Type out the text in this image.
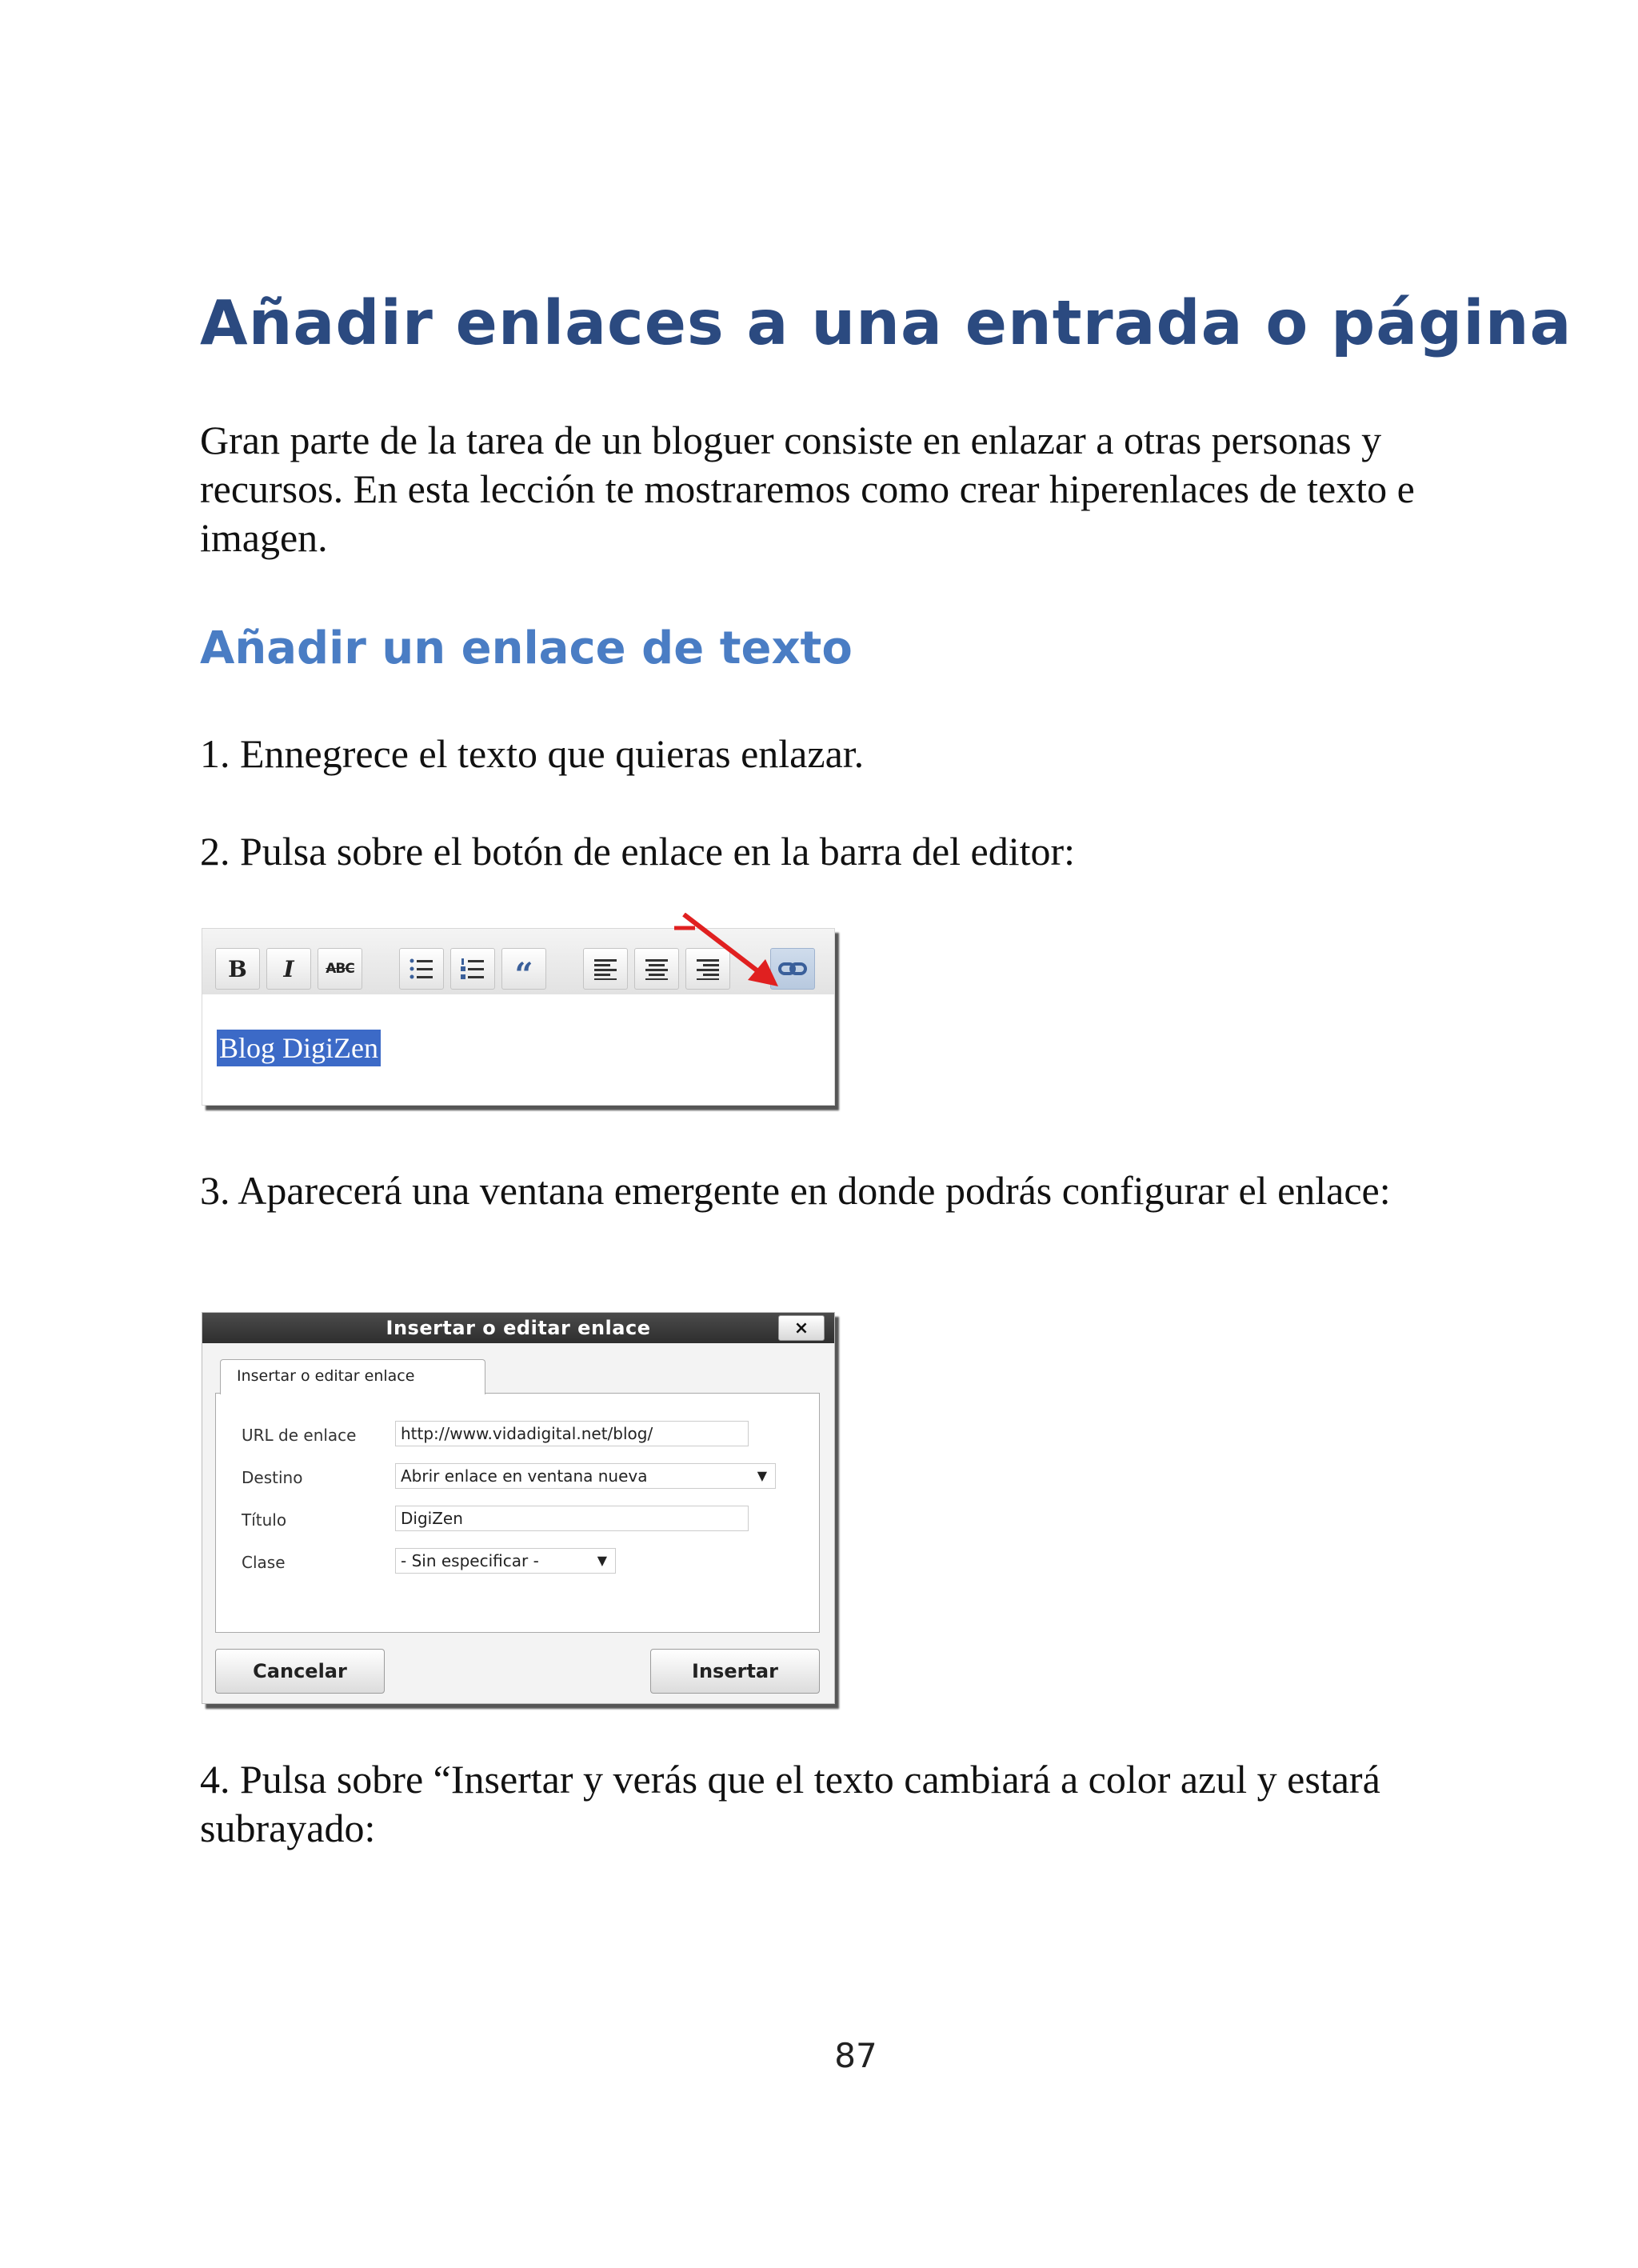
Añadir enlaces a una entrada o página

Gran parte de la tarea de un bloguer consiste en enlazar a otras personas y recursos. En esta lección te mostraremos como crear hiperenlaces de texto e imagen.

Añadir un enlace de texto

1. Ennegrece el texto que quieras enlazar.

2. Pulsa sobre el botón de enlace en la barra del editor:

B	I	ABC	“
Blog DigiZen

3. Aparecerá una ventana emergente en donde podrás configurar el enlace:

Insertar o editar enlace	×
URL de enlace	http://www.vidadigital.net/blog/
Destino	Abrir enlace en ventana nueva	▼
Título	DigiZen
Clase	- Sin especificar -	▼
Insertar o editar enlace
Cancelar	Insertar

4. Pulsa sobre “Insertar y verás que el texto cambiará a color azul y estará subrayado:

87
